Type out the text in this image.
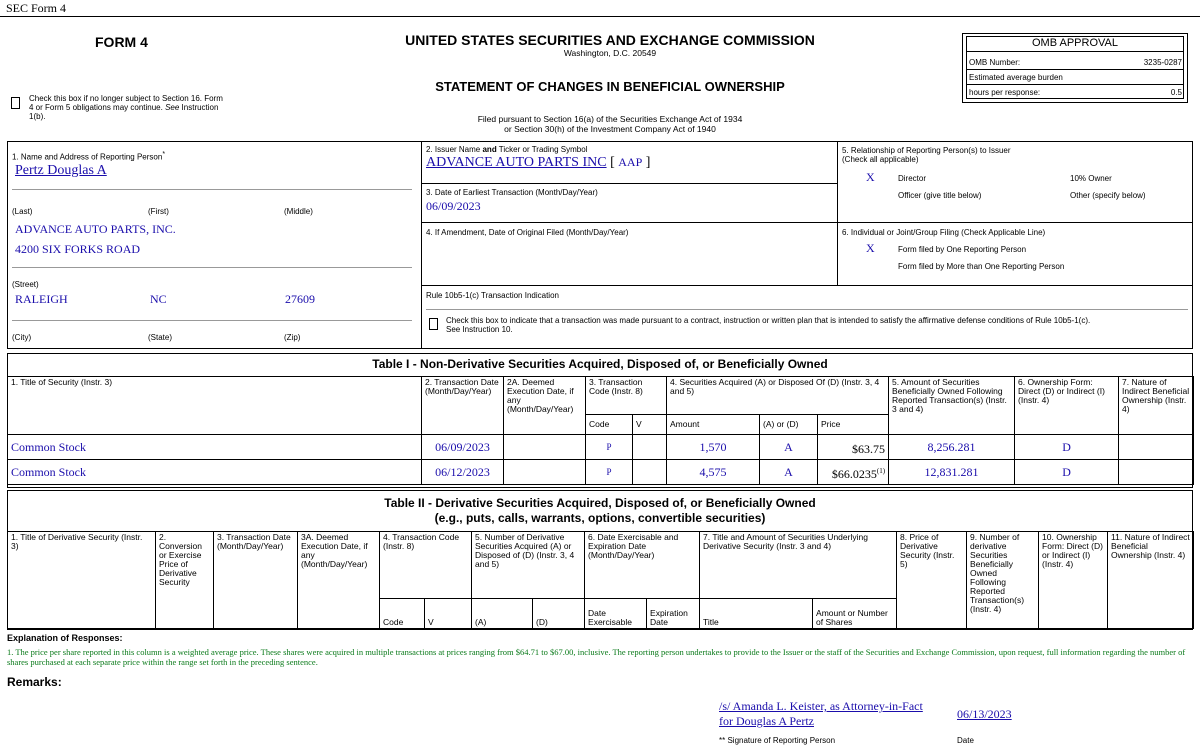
SEC Form 4
FORM 4	UNITED STATES SECURITIES AND EXCHANGE COMMISSION
Washington, D.C. 20549
STATEMENT OF CHANGES IN BENEFICIAL OWNERSHIP
Filed pursuant to Section 16(a) of the Securities Exchange Act of 1934
or Section 30(h) of the Investment Company Act of 1940
Check this box if no longer subject to Section 16. Form
4 or Form 5 obligations may continue. See Instruction
1(b).
OMB APPROVAL
OMB Number:	3235-0287
Estimated average burden
hours per response:	0.5
1. Name and Address of Reporting Person*
Pertz Douglas A
(Last)	(First)	(Middle)
ADVANCE AUTO PARTS, INC.
4200 SIX FORKS ROAD
(Street)
RALEIGH	NC	27609
(City)	(State)	(Zip)
2. Issuer Name and Ticker or Trading Symbol
ADVANCE AUTO PARTS INC [ AAP ]
3. Date of Earliest Transaction (Month/Day/Year)
06/09/2023
4. If Amendment, Date of Original Filed (Month/Day/Year)
Rule 10b5-1(c) Transaction Indication
Check this box to indicate that a transaction was made pursuant to a contract, instruction or written plan that is intended to satisfy the affirmative defense conditions of Rule 10b5-1(c).
See Instruction 10.
5. Relationship of Reporting Person(s) to Issuer
(Check all applicable)
X	Director	10% Owner
Officer (give title below)	Other (specify below)
6. Individual or Joint/Group Filing (Check Applicable Line)
X	Form filed by One Reporting Person
Form filed by More than One Reporting Person
Table I - Non-Derivative Securities Acquired, Disposed of, or Beneficially Owned
1. Title of Security (Instr. 3)	2. Transaction Date (Month/Day/Year)	2A. Deemed Execution Date, if any (Month/Day/Year)	3. Transaction Code (Instr. 8)		4. Securities Acquired (A) or Disposed Of (D) (Instr. 3, 4 and 5)			5. Amount of Securities Beneficially Owned Following Reported Transaction(s) (Instr. 3 and 4)	6. Ownership Form: Direct (D) or Indirect (I) (Instr. 4)	7. Nature of Indirect Beneficial Ownership (Instr. 4)
			Code	V	Amount	(A) or (D)	Price			
Common Stock	06/09/2023		P		1,570	A	$63.75	8,256.281	D	
Common Stock	06/12/2023		P		4,575	A	$66.0235$^{(1)}$	12,831.281	D	
Table II - Derivative Securities Acquired, Disposed of, or Beneficially Owned
(e.g., puts, calls, warrants, options, convertible securities)
1. Title of Derivative Security (Instr. 3)	2. Conversion or Exercise Price of Derivative Security	3. Transaction Date (Month/Day/Year)	3A. Deemed Execution Date, if any (Month/Day/Year)	4. Transaction Code (Instr. 8)		5. Number of Derivative Securities Acquired (A) or Disposed of (D) (Instr. 3, 4 and 5)		6. Date Exercisable and Expiration Date (Month/Day/Year)		7. Title and Amount of Securities Underlying Derivative Security (Instr. 3 and 4)		8. Price of Derivative Security (Instr. 5)	9. Number of derivative Securities Beneficially Owned Following Reported Transaction(s) (Instr. 4)	10. Ownership Form: Direct (D) or Indirect (I) (Instr. 4)	11. Nature of Indirect Beneficial Ownership (Instr. 4)
				Code	V	(A)	(D)	Date Exercisable	Expiration Date	Title	Amount or Number of Shares				
Explanation of Responses:
1. The price per share reported in this column is a weighted average price. These shares were acquired in multiple transactions at prices ranging from $64.71 to $67.00, inclusive. The reporting person undertakes to provide to the Issuer or the staff of the Securities and Exchange Commission, upon request, full information regarding the number of shares purchased at each separate price within the range set forth in the preceding sentence.
Remarks:
/s/ Amanda L. Keister, as Attorney-in-Fact
for Douglas A Pertz	06/13/2023
** Signature of Reporting Person	Date
